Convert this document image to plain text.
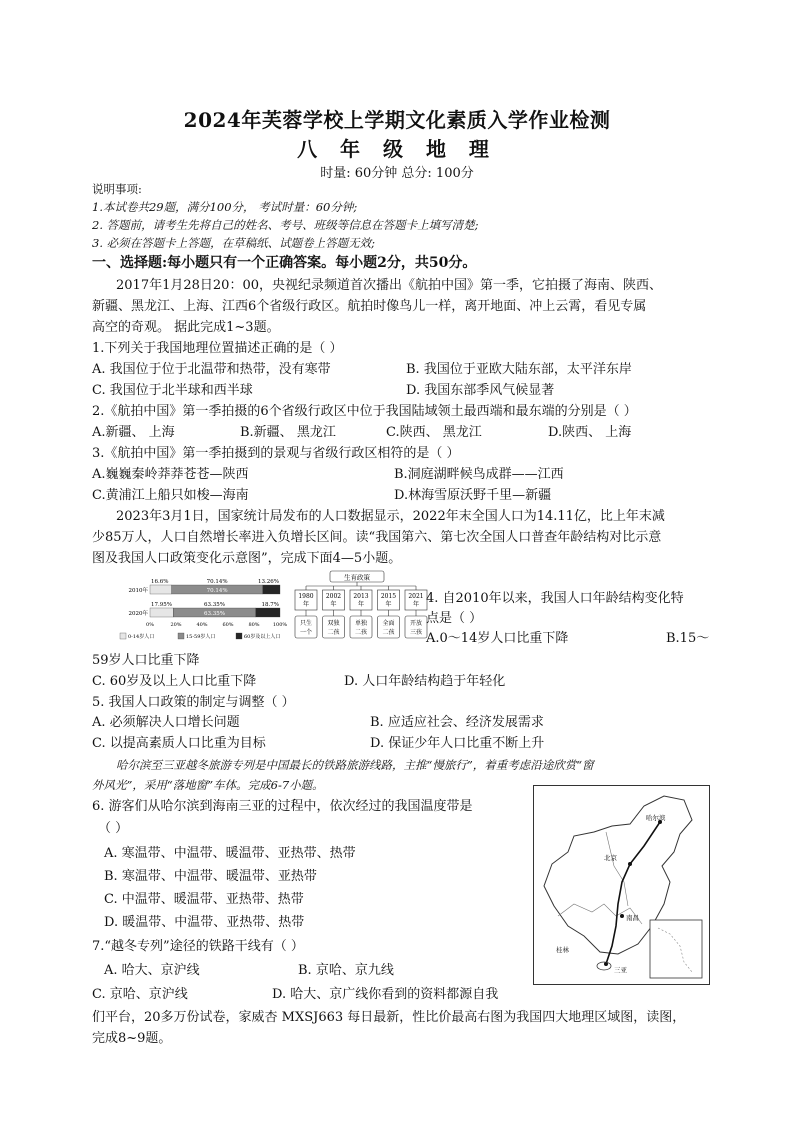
2024年芙蓉学校上学期文化素质入学作业检测
八 年 级 地 理
时量: 60分钟 总分: 100分
说明事项:
1.本试卷共29题，满分100分， 考试时量：60分钟;
2. 答题前，请考生先将自己的姓名、考号、班级等信息在答题卡上填写清楚;
3. 必须在答题卡上答题，在草稿纸、试题卷上答题无效;
一、选择题:每小题只有一个正确答案。每小题2分，共50分。
2017年1月28日20：00，央视纪录频道首次播出《航拍中国》第一季，它拍摄了海南、陕西、
新疆、黑龙江、上海、江西6个省级行政区。航拍时像鸟儿一样，离开地面、冲上云霄，看见专属
高空的奇观。 据此完成1~3题。
1.下列关于我国地理位置描述正确的是（ ）
A. 我国位于位于北温带和热带，没有寒带	B. 我国位于亚欧大陆东部，太平洋东岸
C. 我国位于北半球和西半球	D. 我国东部季风气候显著
2.《航拍中国》第一季拍摄的6个省级行政区中位于我国陆域领土最西端和最东端的分别是（ ）
A.新疆、 上海	B.新疆、 黑龙江	C.陕西、 黑龙江	D.陕西、 上海
3.《航拍中国》第一季拍摄到的景观与省级行政区相符的是（ ）
A.巍巍秦岭莽莽苍苍—陕西	B.洞庭湖畔候鸟成群——江西
C.黄浦江上船只如梭—海南	D.林海雪原沃野千里—新疆
2023年3月1日，国家统计局发布的人口数据显示，2022年末全国人口为14.11亿，比上年末减
少85万人，人口自然增长率进入负增长区间。读“我国第六、第七次全国人口普查年龄结构对比示意
图及我国人口政策变化示意图”，完成下面4—5小题。
16.6%	70.14%
70.14%
13.26%
2010年
17.95%	63.35%
63.35%
18.7%
2020年
0%	20%	40%	60%	80%	100%
0-14岁人口	15-59岁人口	60岁及以上人口
生育政策
1980
年
只生
一个
2002
年
双独
二孩
2013
年
单独
二孩
2015
年
全面
二孩
2021
年
开放
三孩
4. 自2010年以来，我国人口年龄结构变化特
点是（ ）
A.0～14岁人口比重下降	B.15～
59岁人口比重下降
C. 60岁及以上人口比重下降	D. 人口年龄结构趋于年轻化
5. 我国人口政策的制定与调整（ ）
A. 必须解决人口增长问题	B. 应适应社会、经济发展需求
C. 以提高素质人口比重为目标	D. 保证少年人口比重不断上升
哈尔滨至三亚越冬旅游专列是中国最长的铁路旅游线路，主推“慢旅行”，着重考虑沿途欣赏“窗
外风光”，采用“落地窗”车体。完成6-7小题。
6. 游客们从哈尔滨到海南三亚的过程中，依次经过的我国温度带是
（ ）
A. 寒温带、中温带、暖温带、亚热带、热带
B. 寒温带、中温带、暖温带、亚热带
C. 中温带、暖温带、亚热带、热带
D. 暖温带、中温带、亚热带、热带
7.“越冬专列”途径的铁路干线有（ ）
A. 哈大、京沪线	B. 京哈、京九线
C. 京哈、京沪线	D. 哈大、京广线你看到的资料都源自我
们平台，20多万份试卷，家威杏 MXSJ663 每日最新，性比价最高右图为我国四大地理区域图，读图，
完成8~9题。
哈尔滨
北京
南昌
三亚
桂林
